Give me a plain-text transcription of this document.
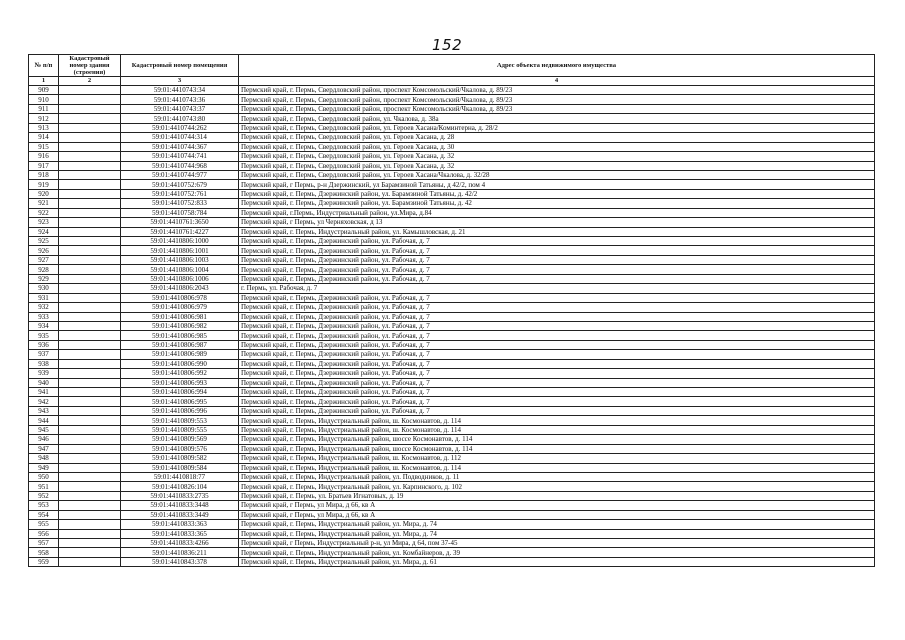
152
№ п/п	Кадастровый номер здания (строения)	Кадастровый номер помещения	Адрес объекта недвижимого имущества
1	2	3	4
909		59:01:4410743:34	Пермский край, г. Пермь, Свердловский район, проспект Комсомольский/Чкалова, д. 89/23
910		59:01:4410743:36	Пермский край, г. Пермь, Свердловский район, проспект Комсомольский/Чкалова, д. 89/23
911		59:01:4410743:37	Пермский край, г. Пермь, Свердловский район, проспект Комсомольский/Чкалова, д. 89/23
912		59:01:4410743:80	Пермский край, г. Пермь, Свердловский район, ул. Чкалова, д. 38а
913		59:01:4410744:262	Пермский край, г. Пермь, Свердловский район, ул. Героев Хасана/Коминтерна, д. 28/2
914		59:01:4410744:314	Пермский край, г. Пермь, Свердловский район, ул. Героев Хасана, д. 28
915		59:01:4410744:367	Пермский край, г. Пермь, Свердловский район, ул. Героев Хасана, д. 30
916		59:01:4410744:741	Пермский край, г. Пермь, Свердловский район, ул. Героев Хасана, д. 32
917		59:01:4410744:968	Пермский край, г. Пермь, Свердловский район, ул. Героев Хасана, д. 32
918		59:01:4410744:977	Пермский край, г. Пермь, Свердловский район, ул. Героев Хасана/Чкалова, д. 32/28
919		59:01:4410752:679	Пермский край, г Пермь, р-н Дзержинский, ул Барамзиной Татьяны, д 42/2, пом 4
920		59:01:4410752:761	Пермский край, г. Пермь, Дзержинский район, ул. Барамзиной Татьяны, д. 42/2
921		59:01:4410752:833	Пермский край, г. Пермь, Дзержинский район, ул. Барамзиной Татьяны, д. 42
922		59:01:4410758:784	Пермский край, г.Пермь, Индустриальный район, ул.Мира, д.84
923		59:01:4410761:3650	Пермский край, г Пермь, ул Черняховская, д 13
924		59:01:4410761:4227	Пермский край, г. Пермь, Индустриальный район, ул. Камышловская, д. 21
925		59:01:4410806:1000	Пермский край, г. Пермь, Дзержинский район, ул. Рабочая, д. 7
926		59:01:4410806:1001	Пермский край, г. Пермь, Дзержинский район, ул. Рабочая, д. 7
927		59:01:4410806:1003	Пермский край, г. Пермь, Дзержинский район, ул. Рабочая, д. 7
928		59:01:4410806:1004	Пермский край, г. Пермь, Дзержинский район, ул. Рабочая, д. 7
929		59:01:4410806:1006	Пермский край, г. Пермь, Дзержинский район, ул. Рабочая, д. 7
930		59:01:4410806:2043	г. Пермь, ул. Рабочая, д. 7
931		59:01:4410806:978	Пермский край, г. Пермь, Дзержинский район, ул. Рабочая, д. 7
932		59:01:4410806:979	Пермский край, г. Пермь, Дзержинский район, ул. Рабочая, д. 7
933		59:01:4410806:981	Пермский край, г. Пермь, Дзержинский район, ул. Рабочая, д. 7
934		59:01:4410806:982	Пермский край, г. Пермь, Дзержинский район, ул. Рабочая, д. 7
935		59:01:4410806:985	Пермский край, г. Пермь, Дзержинский район, ул. Рабочая, д. 7
936		59:01:4410806:987	Пермский край, г. Пермь, Дзержинский район, ул. Рабочая, д. 7
937		59:01:4410806:989	Пермский край, г. Пермь, Дзержинский район, ул. Рабочая, д. 7
938		59:01:4410806:990	Пермский край, г. Пермь, Дзержинский район, ул. Рабочая, д. 7
939		59:01:4410806:992	Пермский край, г. Пермь, Дзержинский район, ул. Рабочая, д. 7
940		59:01:4410806:993	Пермский край, г. Пермь, Дзержинский район, ул. Рабочая, д. 7
941		59:01:4410806:994	Пермский край, г. Пермь, Дзержинский район, ул. Рабочая, д. 7
942		59:01:4410806:995	Пермский край, г. Пермь, Дзержинский район, ул. Рабочая, д. 7
943		59:01:4410806:996	Пермский край, г. Пермь, Дзержинский район, ул. Рабочая, д. 7
944		59:01:4410809:553	Пермский край, г. Пермь, Индустриальный район, ш. Космонавтов, д. 114
945		59:01:4410809:555	Пермский край, г. Пермь, Индустриальный район, ш. Космонавтов, д. 114
946		59:01:4410809:569	Пермский край, г. Пермь, Индустриальный район, шоссе Космонавтов, д. 114
947		59:01:4410809:576	Пермский край, г. Пермь, Индустриальный район, шоссе Космонавтов, д. 114
948		59:01:4410809:582	Пермский край, г. Пермь, Индустриальный район, ш. Космонавтов, д. 112
949		59:01:4410809:584	Пермский край, г. Пермь, Индустриальный район, ш. Космонавтов, д. 114
950		59:01:4410818:77	Пермский край, г. Пермь, Индустриальный район, ул. Подводников, д. 11
951		59:01:4410826:104	Пермский край, г. Пермь, Индустриальный район, ул. Карпинского, д. 102
952		59:01:4410833:2735	Пермский край, г. Пермь, ул. Братьев Игнатовых, д. 19
953		59:01:4410833:3448	Пермский край, г Пермь, ул Мира, д 66, кв А
954		59:01:4410833:3449	Пермский край, г Пермь, ул Мира, д 66, кв А
955		59:01:4410833:363	Пермский край, г. Пермь, Индустриальный район, ул. Мира, д. 74
956		59:01:4410833:365	Пермский край, г. Пермь, Индустриальный район, ул. Мира, д. 74
957		59:01:4410833:4266	Пермский край, г Пермь, Индустриальный р-н, ул Мира, д 64, пом 37-45
958		59:01:4410836:211	Пермский край, г. Пермь, Индустриальный район, ул. Комбайнеров, д. 39
959		59:01:4410843:378	Пермский край, г. Пермь, Индустриальный район, ул. Мира, д. 61
